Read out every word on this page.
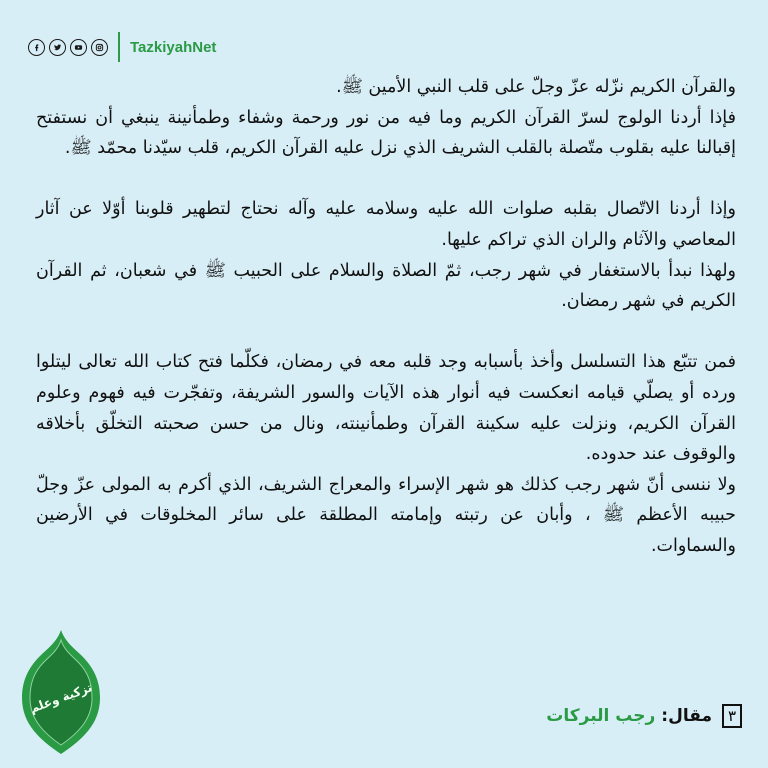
TazkiyahNet

والقرآن الكريم نزّله عزّ وجلّ على قلب النبي الأمين ﷺ.

فإذا أردنا الولوج لسرّ القرآن الكريم وما فيه من نور ورحمة وشفاء وطمأنينة ينبغي أن نستفتح إقبالنا عليه بقلوب متّصلة بالقلب الشريف الذي نزل عليه القرآن الكريم، قلب سيّدنا محمّد ﷺ.

وإذا أردنا الاتّصال بقلبه صلوات الله عليه وسلامه عليه وآله نحتاج لتطهير قلوبنا أوّلا عن آثار المعاصي والآثام والران الذي تراكم عليها.

ولهذا نبدأ بالاستغفار في شهر رجب، ثمّ الصلاة والسلام على الحبيب ﷺ في شعبان، ثم القرآن الكريم في شهر رمضان.

فمن تتبّع هذا التسلسل وأخذ بأسبابه وجد قلبه معه في رمضان، فكلّما فتح كتاب الله تعالى ليتلوا ورده أو يصلّي قيامه انعكست فيه أنوار هذه الآيات والسور الشريفة، وتفجّرت فيه فهوم وعلوم القرآن الكريم، ونزلت عليه سكينة القرآن وطمأنينته، ونال من حسن صحبته التخلّق بأخلاقه والوقوف عند حدوده.

ولا ننسى أنّ شهر رجب كذلك هو شهر الإسراء والمعراج الشريف، الذي أكرم به المولى عزّ وجلّ حبيبه الأعظم ﷺ ، وأبان عن رتبته وإمامته المطلقة على سائر المخلوقات في الأرضين والسماوات.

٣
مقال:
رجب البركات
تزكية وعلم
